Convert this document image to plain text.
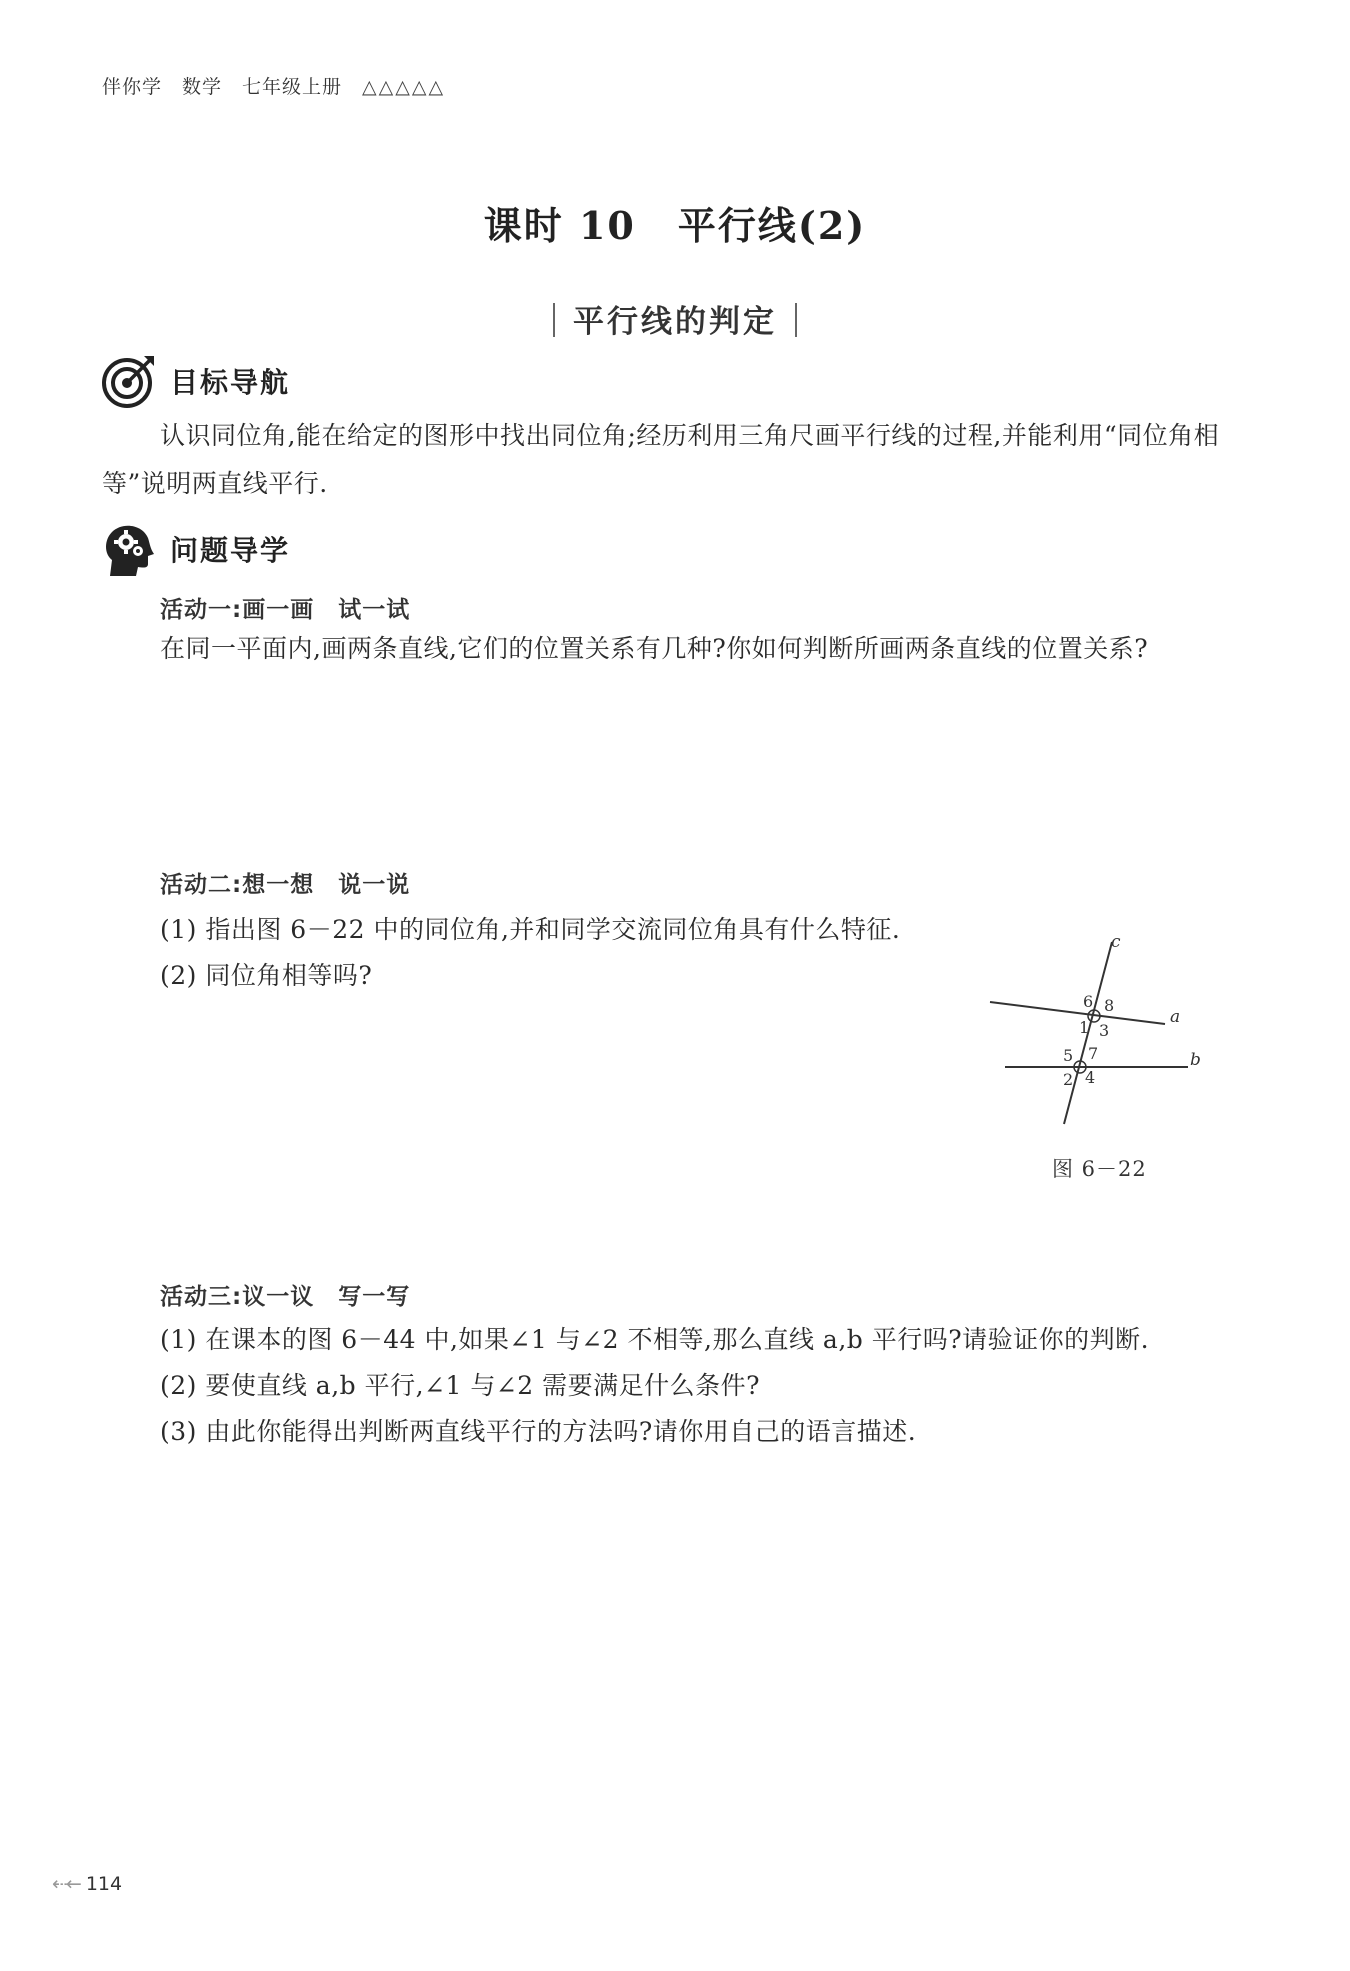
伴你学 数学 七年级上册 △△△△△
课时 10 平行线(2)
平行线的判定
目标导航
认识同位角,能在给定的图形中找出同位角;经历利用三角尺画平行线的过程,并能利用“同位角相等”说明两直线平行.
问题导学
活动一:画一画　试一试
在同一平面内,画两条直线,它们的位置关系有几种?你如何判断所画两条直线的位置关系?
活动二:想一想　说一说
(1) 指出图 6－22 中的同位角,并和同学交流同位角具有什么特征.
(2) 同位角相等吗?
c
a
b
6 8
1 3
5 7
2 4
图 6－22
活动三:议一议　写一写
(1) 在课本的图 6－44 中,如果∠1 与∠2 不相等,那么直线 a,b 平行吗?请验证你的判断.
(2) 要使直线 a,b 平行,∠1 与∠2 需要满足什么条件?
(3) 由此你能得出判断两直线平行的方法吗?请你用自己的语言描述.
⇠← 114
